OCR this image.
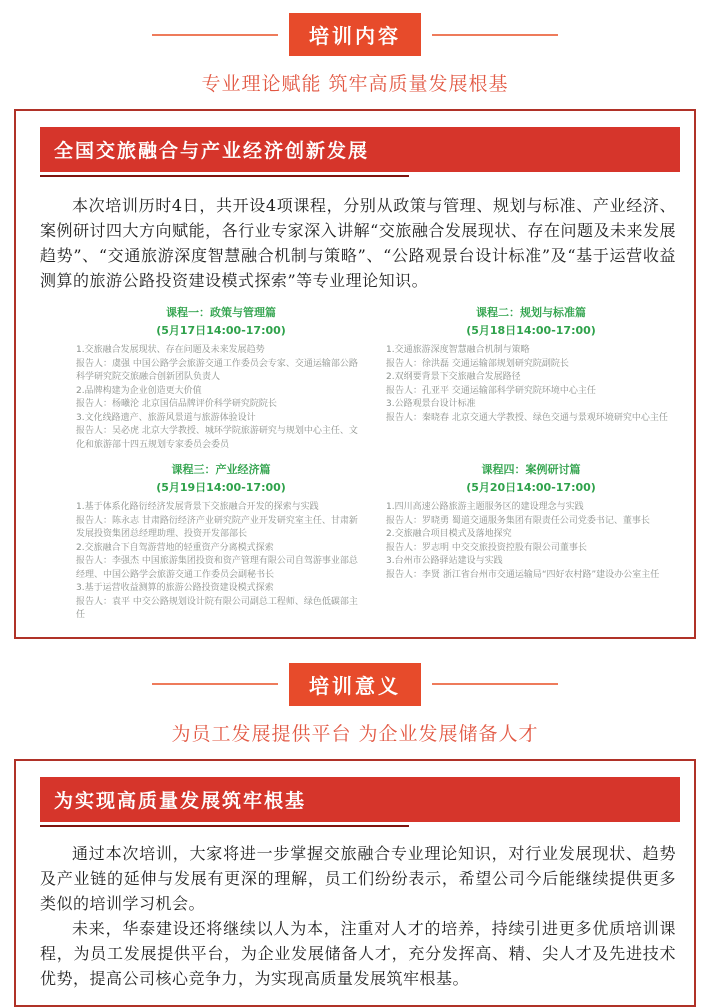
培训内容
专业理论赋能 筑牢高质量发展根基
全国交旅融合与产业经济创新发展

本次培训历时4日，共开设4项课程，分别从政策与管理、规划与标准、产业经济、案例研讨四大方向赋能，各行业专家深入讲解“交旅融合发展现状、存在问题及未来发展趋势”、“交通旅游深度智慧融合机制与策略”、“公路观景台设计标准”及“基于运营收益测算的旅游公路投资建设模式探索”等专业理论知识。

课程一：政策与管理篇
(5月17日14:00-17:00)
1.交旅融合发展现状、存在问题及未来发展趋势
报告人：虞强 中国公路学会旅游交通工作委员会专家、交通运输部公路科学研究院交旅融合创新团队负责人
2.品牌构建为企业创造更大价值
报告人：杨曦沦 北京国信品牌评价科学研究院院长
3.文化线路遗产、旅游风景道与旅游体验设计
报告人：吴必虎 北京大学教授、城环学院旅游研究与规划中心主任、文化和旅游部十四五规划专家委员会委员
课程二：规划与标准篇
(5月18日14:00-17:00)
1.交通旅游深度智慧融合机制与策略
报告人：徐洪磊 交通运输部规划研究院副院长
2.双纲要背景下交旅融合发展路径
报告人：孔亚平 交通运输部科学研究院环境中心主任
3.公路观景台设计标准
报告人：秦晓春 北京交通大学教授、绿色交通与景观环境研究中心主任
课程三：产业经济篇
(5月19日14:00-17:00)
1.基于体系化路衍经济发展背景下交旅融合开发的探索与实践
报告人：陈永志 甘肃路衍经济产业研究院产业开发研究室主任、甘肃新发展投资集团总经理助理、投资开发部部长
2.交旅融合下自驾游营地的轻重资产分离模式探索
报告人：李强杰 中国旅游集团投资和资产管理有限公司自驾游事业部总经理、中国公路学会旅游交通工作委员会副秘书长
3.基于运营收益测算的旅游公路投资建设模式探索
报告人：袁平 中交公路规划设计院有限公司副总工程师、绿色低碳部主任
课程四：案例研讨篇
(5月20日14:00-17:00)
1.四川高速公路旅游主题服务区的建设理念与实践
报告人：罗晓勇 蜀道交通服务集团有限责任公司党委书记、董事长
2.交旅融合项目模式及落地探究
报告人：罗志明 中交交旅投资控股有限公司董事长
3.台州市公路驿站建设与实践
报告人：李贤 浙江省台州市交通运输局“四好农村路”建设办公室主任
培训意义
为员工发展提供平台 为企业发展储备人才
为实现高质量发展筑牢根基

通过本次培训，大家将进一步掌握交旅融合专业理论知识，对行业发展现状、趋势及产业链的延伸与发展有更深的理解，员工们纷纷表示，希望公司今后能继续提供更多类似的培训学习机会。

未来，华泰建设还将继续以人为本，注重对人才的培养，持续引进更多优质培训课程，为员工发展提供平台，为企业发展储备人才，充分发挥高、精、尖人才及先进技术优势，提高公司核心竞争力，为实现高质量发展筑牢根基。
